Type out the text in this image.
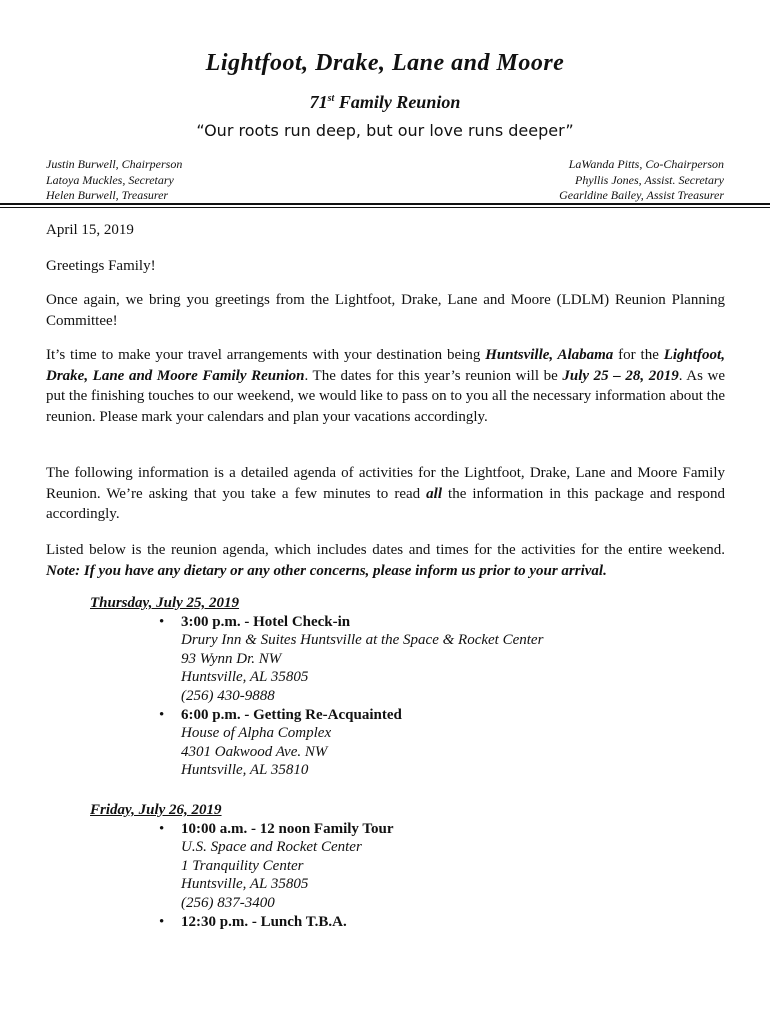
Lightfoot, Drake, Lane and Moore
71st Family Reunion
“Our roots run deep, but our love runs deeper”
Justin Burwell, Chairperson
Latoya Muckles, Secretary
Helen Burwell, Treasurer
LaWanda Pitts, Co-Chairperson
Phyllis Jones, Assist. Secretary
Gearldine Bailey, Assist Treasurer
April 15, 2019
Greetings Family!
Once again, we bring you greetings from the Lightfoot, Drake, Lane and Moore (LDLM) Reunion Planning Committee!
It’s time to make your travel arrangements with your destination being Huntsville, Alabama for the Lightfoot, Drake, Lane and Moore Family Reunion. The dates for this year’s reunion will be July 25 – 28, 2019. As we put the finishing touches to our weekend, we would like to pass on to you all the necessary information about the reunion. Please mark your calendars and plan your vacations accordingly.
The following information is a detailed agenda of activities for the Lightfoot, Drake, Lane and Moore Family Reunion. We’re asking that you take a few minutes to read all the information in this package and respond accordingly.
Listed below is the reunion agenda, which includes dates and times for the activities for the entire weekend. Note: If you have any dietary or any other concerns, please inform us prior to your arrival.
Thursday, July 25, 2019
• 3:00 p.m. - Hotel Check-in
Drury Inn & Suites Huntsville at the Space & Rocket Center
93 Wynn Dr. NW
Huntsville, AL 35805
(256) 430-9888
• 6:00 p.m. - Getting Re-Acquainted
House of Alpha Complex
4301 Oakwood Ave. NW
Huntsville, AL 35810
Friday, July 26, 2019
• 10:00 a.m. - 12 noon Family Tour
U.S. Space and Rocket Center
1 Tranquility Center
Huntsville, AL 35805
(256) 837-3400
• 12:30 p.m. - Lunch T.B.A.
